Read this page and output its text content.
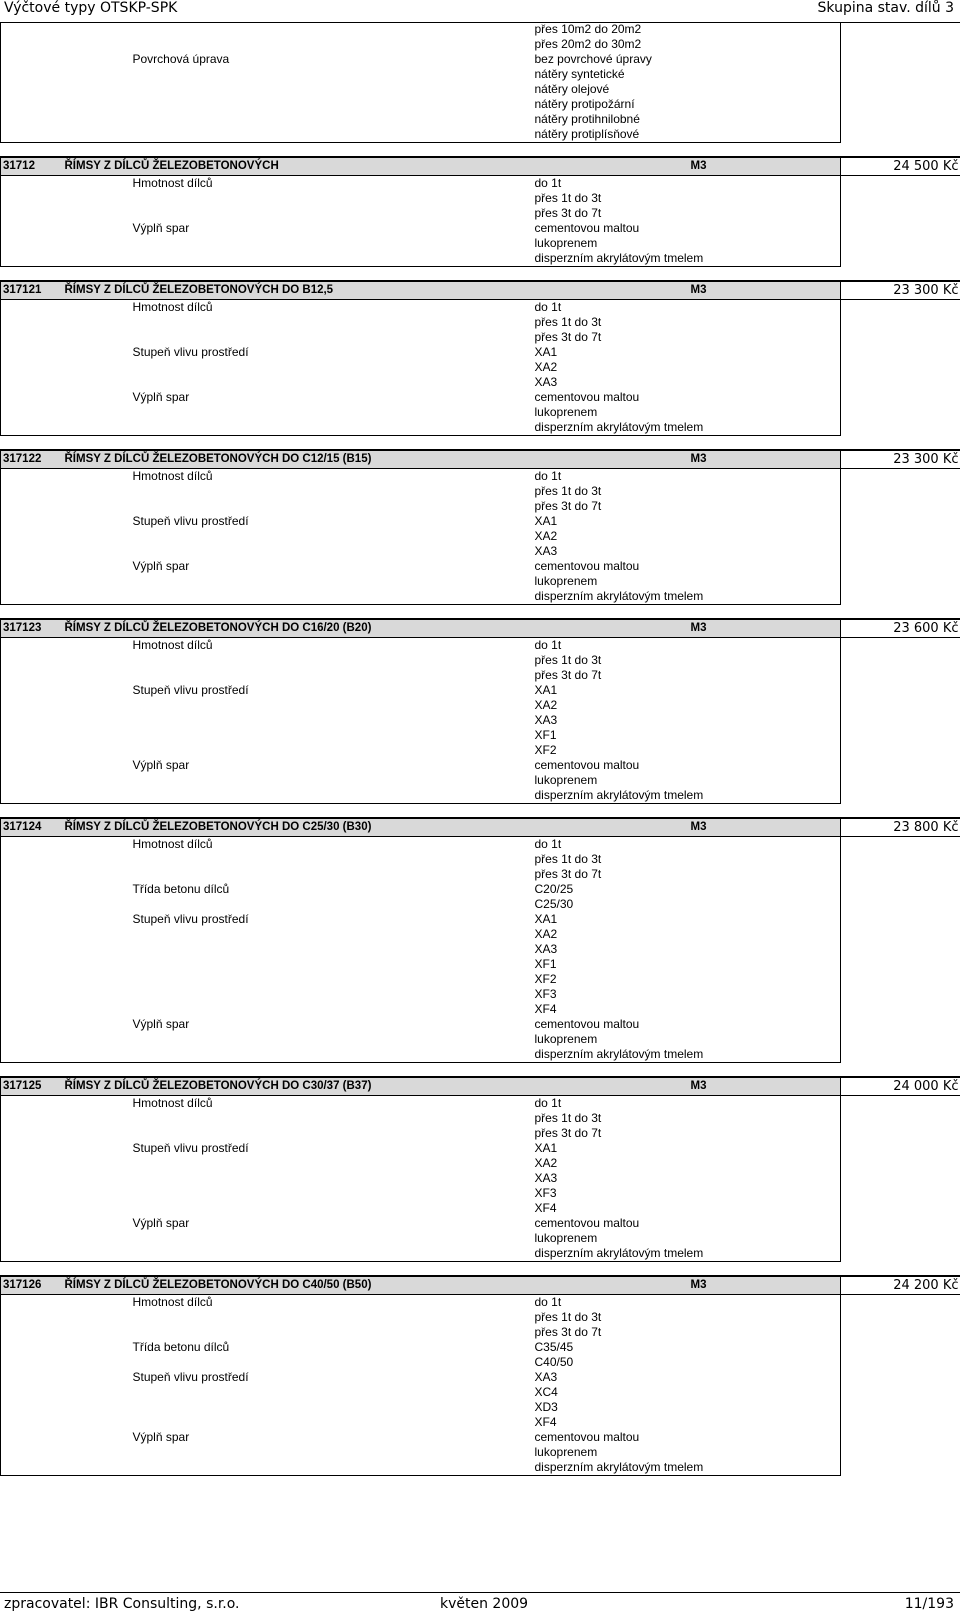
Výčtové typy OTSKP-SPK	Skupina stav. dílů 3
		přes 10m2 do 20m2		
		přes 20m2 do 30m2		
	Povrchová úprava	bez povrchové úpravy		
		nátěry syntetické		
		nátěry olejové		
		nátěry protipožární		
		nátěry protihnilobné		
		nátěry protiplísňové		

31712	ŘÍMSY Z DÍLCŮ ŽELEZOBETONOVÝCH		M3	24 500 Kč
	Hmotnost dílců	do 1t		
		přes 1t do 3t		
		přes 3t do 7t		
	Výplň spar	cementovou maltou		
		lukoprenem		
		disperzním akrylátovým tmelem		

317121	ŘÍMSY Z DÍLCŮ ŽELEZOBETONOVÝCH DO B12,5		M3	23 300 Kč
	Hmotnost dílců	do 1t		
		přes 1t do 3t		
		přes 3t do 7t		
	Stupeň vlivu prostředí	XA1		
		XA2		
		XA3		
	Výplň spar	cementovou maltou		
		lukoprenem		
		disperzním akrylátovým tmelem		

317122	ŘÍMSY Z DÍLCŮ ŽELEZOBETONOVÝCH DO C12/15 (B15)		M3	23 300 Kč
	Hmotnost dílců	do 1t		
		přes 1t do 3t		
		přes 3t do 7t		
	Stupeň vlivu prostředí	XA1		
		XA2		
		XA3		
	Výplň spar	cementovou maltou		
		lukoprenem		
		disperzním akrylátovým tmelem		

317123	ŘÍMSY Z DÍLCŮ ŽELEZOBETONOVÝCH DO C16/20 (B20)		M3	23 600 Kč
	Hmotnost dílců	do 1t		
		přes 1t do 3t		
		přes 3t do 7t		
	Stupeň vlivu prostředí	XA1		
		XA2		
		XA3		
		XF1		
		XF2		
	Výplň spar	cementovou maltou		
		lukoprenem		
		disperzním akrylátovým tmelem		

317124	ŘÍMSY Z DÍLCŮ ŽELEZOBETONOVÝCH DO C25/30 (B30)		M3	23 800 Kč
	Hmotnost dílců	do 1t		
		přes 1t do 3t		
		přes 3t do 7t		
	Třída betonu dílců	C20/25		
		C25/30		
	Stupeň vlivu prostředí	XA1		
		XA2		
		XA3		
		XF1		
		XF2		
		XF3		
		XF4		
	Výplň spar	cementovou maltou		
		lukoprenem		
		disperzním akrylátovým tmelem		

317125	ŘÍMSY Z DÍLCŮ ŽELEZOBETONOVÝCH DO C30/37 (B37)		M3	24 000 Kč
	Hmotnost dílců	do 1t		
		přes 1t do 3t		
		přes 3t do 7t		
	Stupeň vlivu prostředí	XA1		
		XA2		
		XA3		
		XF3		
		XF4		
	Výplň spar	cementovou maltou		
		lukoprenem		
		disperzním akrylátovým tmelem		

317126	ŘÍMSY Z DÍLCŮ ŽELEZOBETONOVÝCH DO C40/50 (B50)		M3	24 200 Kč
	Hmotnost dílců	do 1t		
		přes 1t do 3t		
		přes 3t do 7t		
	Třída betonu dílců	C35/45		
		C40/50		
	Stupeň vlivu prostředí	XA3		
		XC4		
		XD3		
		XF4		
	Výplň spar	cementovou maltou		
		lukoprenem		
		disperzním akrylátovým tmelem		
zpracovatel: IBR Consulting, s.r.o.	květen 2009	11/193
